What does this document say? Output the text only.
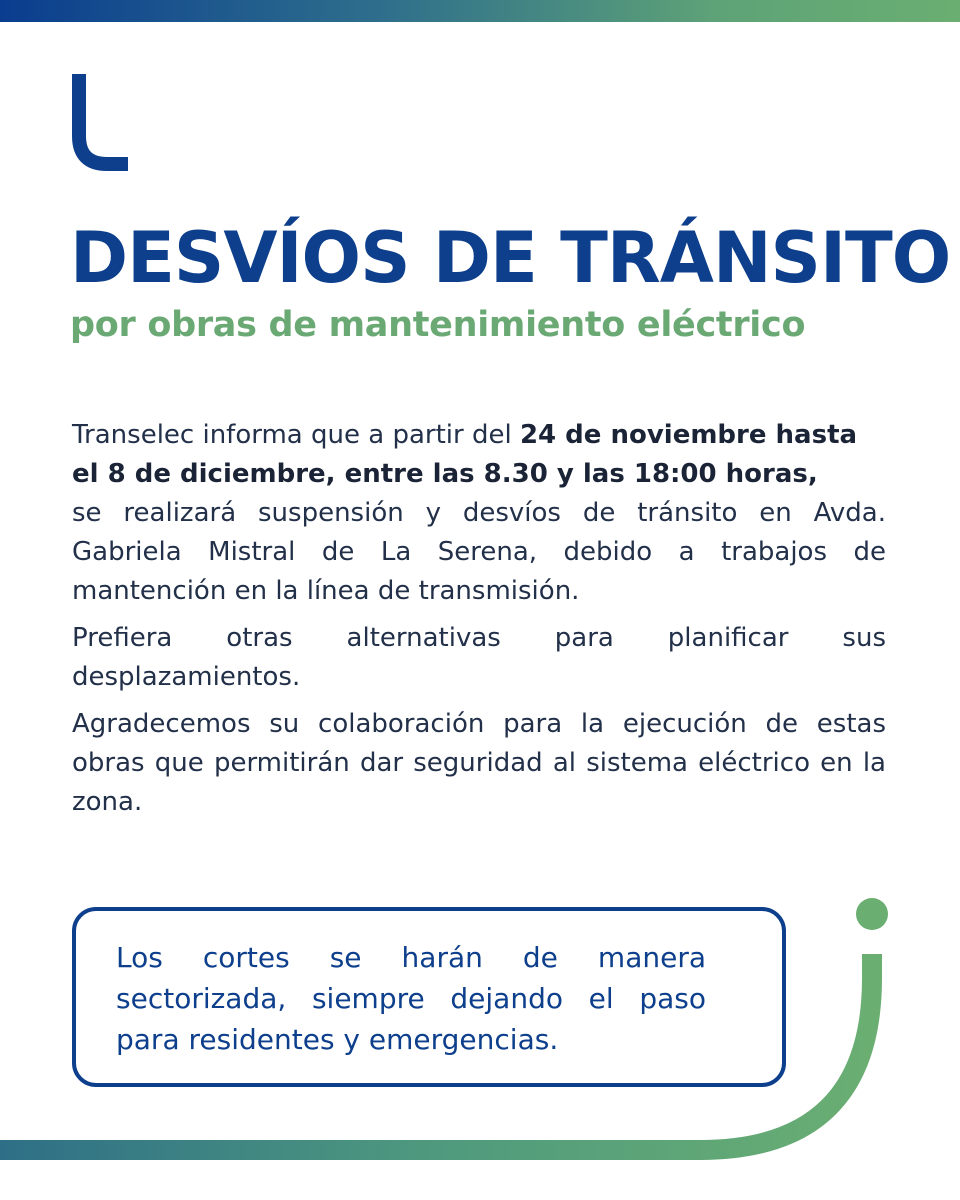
DESVÍOS DE TRÁNSITO
por obras de mantenimiento eléctrico

Transelec informa que a partir del 24 de noviembre hasta el 8 de diciembre, entre las 8.30 y las 18:00 horas,

se realizará suspensión y desvíos de tránsito en Avda. Gabriela Mistral de La Serena, debido a trabajos de mantención en la línea de transmisión.

Prefiera otras alternativas para planificar sus desplazamientos.

Agradecemos su colaboración para la ejecución de estas obras que permitirán dar seguridad al sistema eléctrico en la zona.

Los cortes se harán de manera sectorizada, siempre dejando el paso para residentes y emergencias.
